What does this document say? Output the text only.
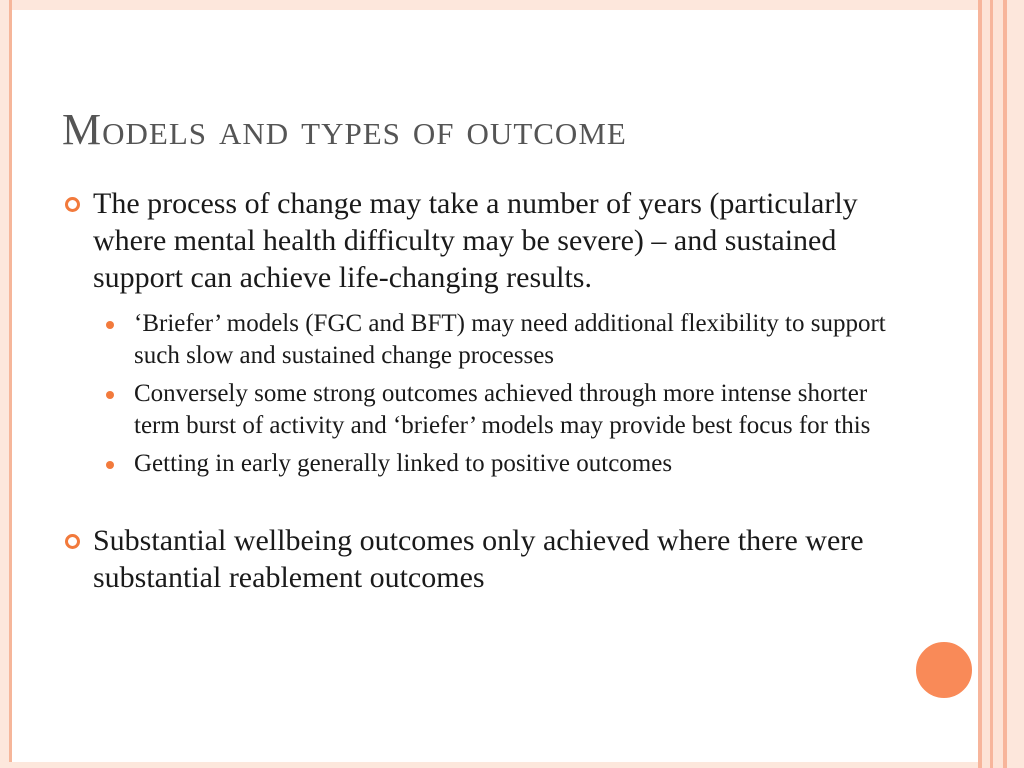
Models and types of outcome
The process of change may take a number of years (particularly where mental health difficulty may be severe) – and sustained support can achieve life-changing results.
‘Briefer’ models (FGC and BFT) may need additional flexibility to support such slow and sustained change processes
Conversely some strong outcomes achieved through more intense shorter term burst of activity and ‘briefer’ models may provide best focus for this
Getting in early generally linked to positive outcomes
Substantial wellbeing outcomes only achieved where there were substantial reablement outcomes
